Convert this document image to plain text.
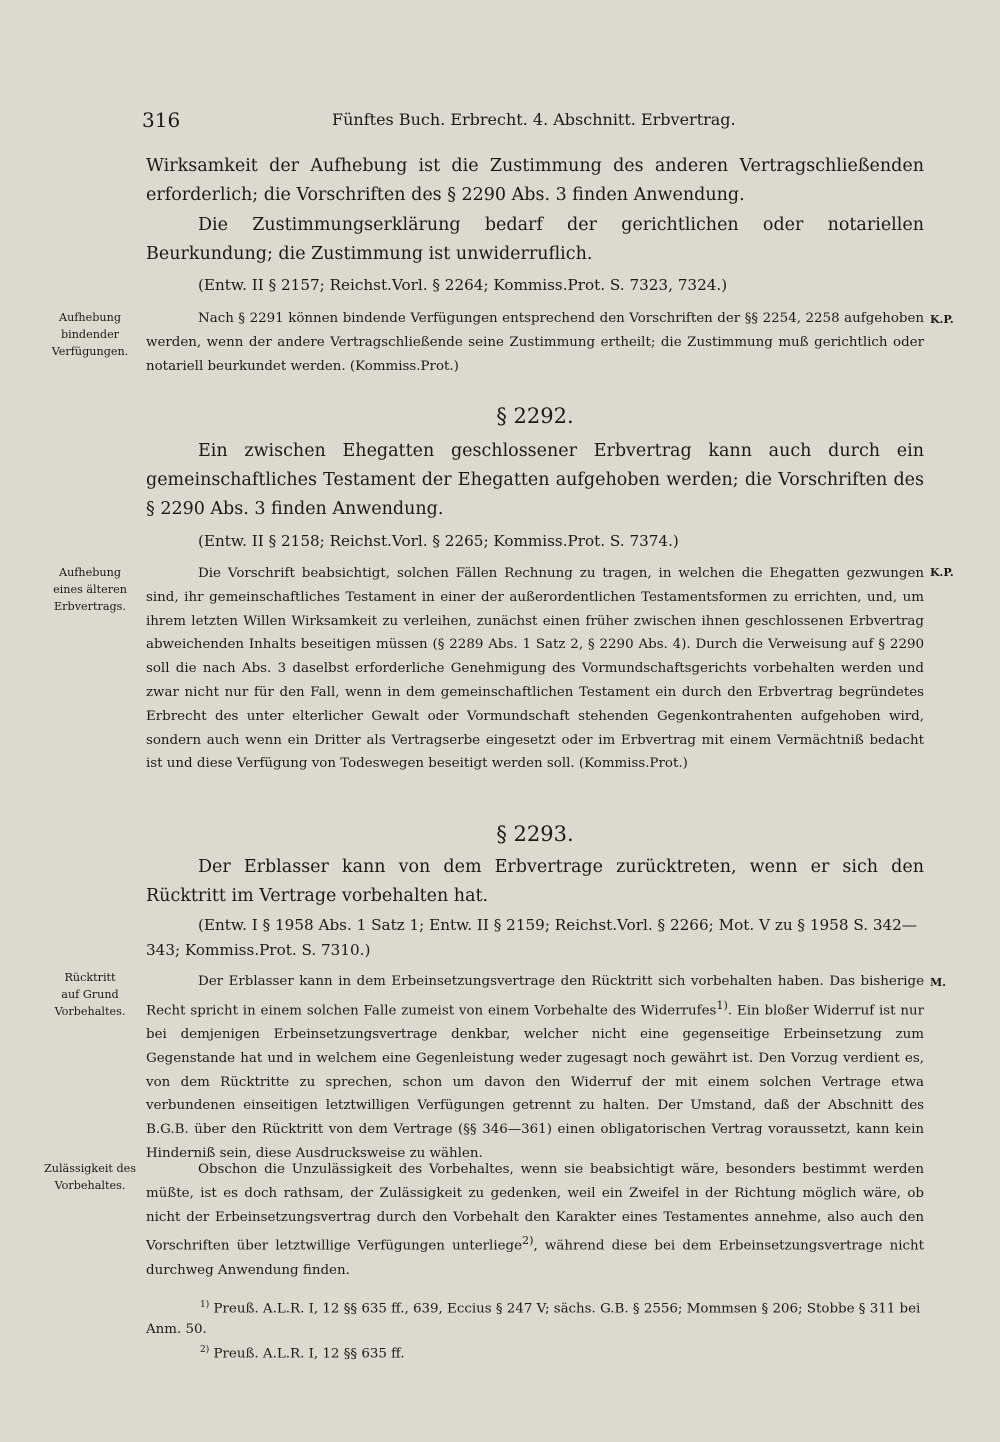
316	Fünftes Buch. Erbrecht. 4. Abschnitt. Erbvertrag.

Wirksamkeit der Aufhebung ist die Zustimmung des anderen Vertragschließenden erforderlich; die Vorschriften des § 2290 Abs. 3 finden Anwendung.

Die Zustimmungserklärung bedarf der gerichtlichen oder notariellen Beurkundung; die Zustimmung ist unwiderruflich.

(Entw. II § 2157; Reichst.Vorl. § 2264; Kommiss.Prot. S. 7323, 7324.)

Aufhebung
bindender
Verfügungen.

K.P.

Nach § 2291 können bindende Verfügungen entsprechend den Vorschriften der §§ 2254, 2258 aufgehoben werden, wenn der andere Vertragschließende seine Zustimmung ertheilt; die Zustimmung muß gerichtlich oder notariell beurkundet werden. (Kommiss.Prot.)

§ 2292.

Ein zwischen Ehegatten geschlossener Erbvertrag kann auch durch ein gemeinschaftliches Testament der Ehegatten aufgehoben werden; die Vorschriften des § 2290 Abs. 3 finden Anwendung.

(Entw. II § 2158; Reichst.Vorl. § 2265; Kommiss.Prot. S. 7374.)

Aufhebung
eines älteren
Erbvertrags.

K.P.

Die Vorschrift beabsichtigt, solchen Fällen Rechnung zu tragen, in welchen die Ehegatten gezwungen sind, ihr gemeinschaftliches Testament in einer der außerordentlichen Testamentsformen zu errichten, und, um ihrem letzten Willen Wirksamkeit zu verleihen, zunächst einen früher zwischen ihnen geschlossenen Erbvertrag abweichenden Inhalts beseitigen müssen (§ 2289 Abs. 1 Satz 2, § 2290 Abs. 4). Durch die Verweisung auf § 2290 soll die nach Abs. 3 daselbst erforderliche Genehmigung des Vormundschaftsgerichts vorbehalten werden und zwar nicht nur für den Fall, wenn in dem gemeinschaftlichen Testament ein durch den Erbvertrag begründetes Erbrecht des unter elterlicher Gewalt oder Vormundschaft stehenden Gegenkontrahenten aufgehoben wird, sondern auch wenn ein Dritter als Vertragserbe eingesetzt oder im Erbvertrag mit einem Vermächtniß bedacht ist und diese Verfügung von Todeswegen beseitigt werden soll. (Kommiss.Prot.)

§ 2293.

Der Erblasser kann von dem Erbvertrage zurücktreten, wenn er sich den Rücktritt im Vertrage vorbehalten hat.

(Entw. I § 1958 Abs. 1 Satz 1; Entw. II § 2159; Reichst.Vorl. § 2266; Mot. V zu § 1958 S. 342—343; Kommiss.Prot. S. 7310.)

Rücktritt
auf Grund
Vorbehaltes.

M.

Der Erblasser kann in dem Erbeinsetzungsvertrage den Rücktritt sich vorbehalten haben. Das bisherige Recht spricht in einem solchen Falle zumeist von einem Vorbehalte des Widerrufes$^{1)}$. Ein bloßer Widerruf ist nur bei demjenigen Erbeinsetzungsvertrage denkbar, welcher nicht eine gegenseitige Erbeinsetzung zum Gegenstande hat und in welchem eine Gegenleistung weder zugesagt noch gewährt ist. Den Vorzug verdient es, von dem Rücktritte zu sprechen, schon um davon den Widerruf der mit einem solchen Vertrage etwa verbundenen einseitigen letztwilligen Verfügungen getrennt zu halten. Der Umstand, daß der Abschnitt des B.G.B. über den Rücktritt von dem Vertrage (§§ 346—361) einen obligatorischen Vertrag voraussetzt, kann kein Hinderniß sein, diese Ausdrucksweise zu wählen.

Zulässigkeit des
Vorbehaltes.

Obschon die Unzulässigkeit des Vorbehaltes, wenn sie beabsichtigt wäre, besonders bestimmt werden müßte, ist es doch rathsam, der Zulässigkeit zu gedenken, weil ein Zweifel in der Richtung möglich wäre, ob nicht der Erbeinsetzungsvertrag durch den Vorbehalt den Karakter eines Testamentes annehme, also auch den Vorschriften über letztwillige Verfügungen unterliege$^{2)}$, während diese bei dem Erbeinsetzungsvertrage nicht durchweg Anwendung finden.

$^{1)}$ Preuß. A.L.R. I, 12 §§ 635 ff., 639, Eccius § 247 V; sächs. G.B. § 2556; Mommsen § 206; Stobbe § 311 bei Anm. 50.
$^{2)}$ Preuß. A.L.R. I, 12 §§ 635 ff.
